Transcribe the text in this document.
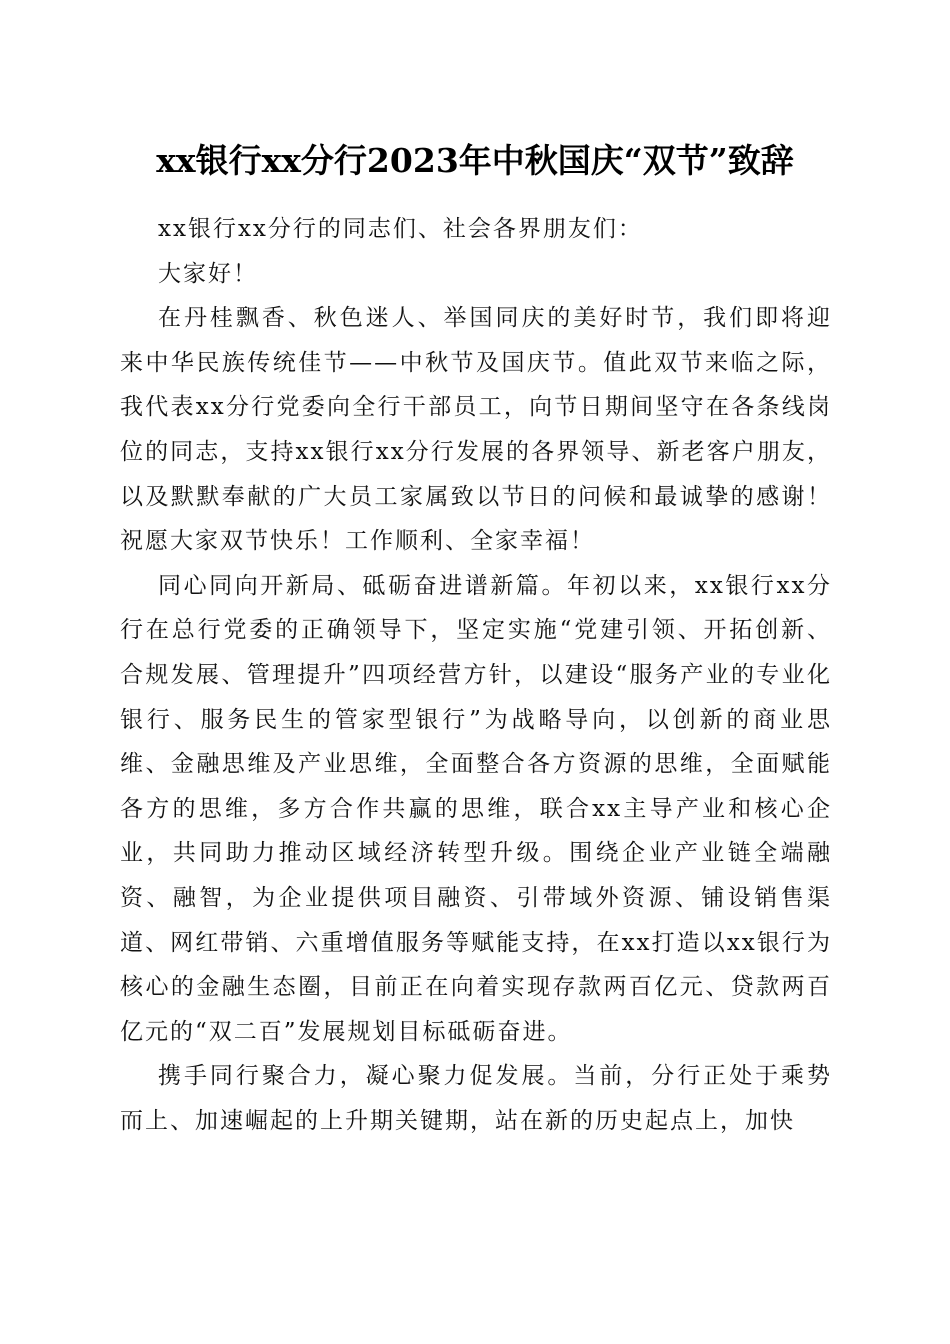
xx银行xx分行2023年中秋国庆“双节”致辞

xx银行xx分行的同志们、社会各界朋友们：

大家好！

在丹桂飘香、秋色迷人、举国同庆的美好时节，我们即将迎来中华民族传统佳节——中秋节及国庆节。值此双节来临之际，我代表xx分行党委向全行干部员工，向节日期间坚守在各条线岗位的同志，支持xx银行xx分行发展的各界领导、新老客户朋友，以及默默奉献的广大员工家属致以节日的问候和最诚挚的感谢！祝愿大家双节快乐！工作顺利、全家幸福！

同心同向开新局、砥砺奋进谱新篇。年初以来，xx银行xx分行在总行党委的正确领导下，坚定实施“党建引领、开拓创新、合规发展、管理提升”四项经营方针，以建设“服务产业的专业化银行、服务民生的管家型银行”为战略导向，以创新的商业思维、金融思维及产业思维，全面整合各方资源的思维，全面赋能各方的思维，多方合作共赢的思维，联合xx主导产业和核心企业，共同助力推动区域经济转型升级。围绕企业产业链全端融资、融智，为企业提供项目融资、引带域外资源、铺设销售渠道、网红带销、六重增值服务等赋能支持，在xx打造以xx银行为核心的金融生态圈，目前正在向着实现存款两百亿元、贷款两百亿元的“双二百”发展规划目标砥砺奋进。

携手同行聚合力，凝心聚力促发展。当前，分行正处于乘势而上、加速崛起的上升期关键期，站在新的历史起点上，加快
